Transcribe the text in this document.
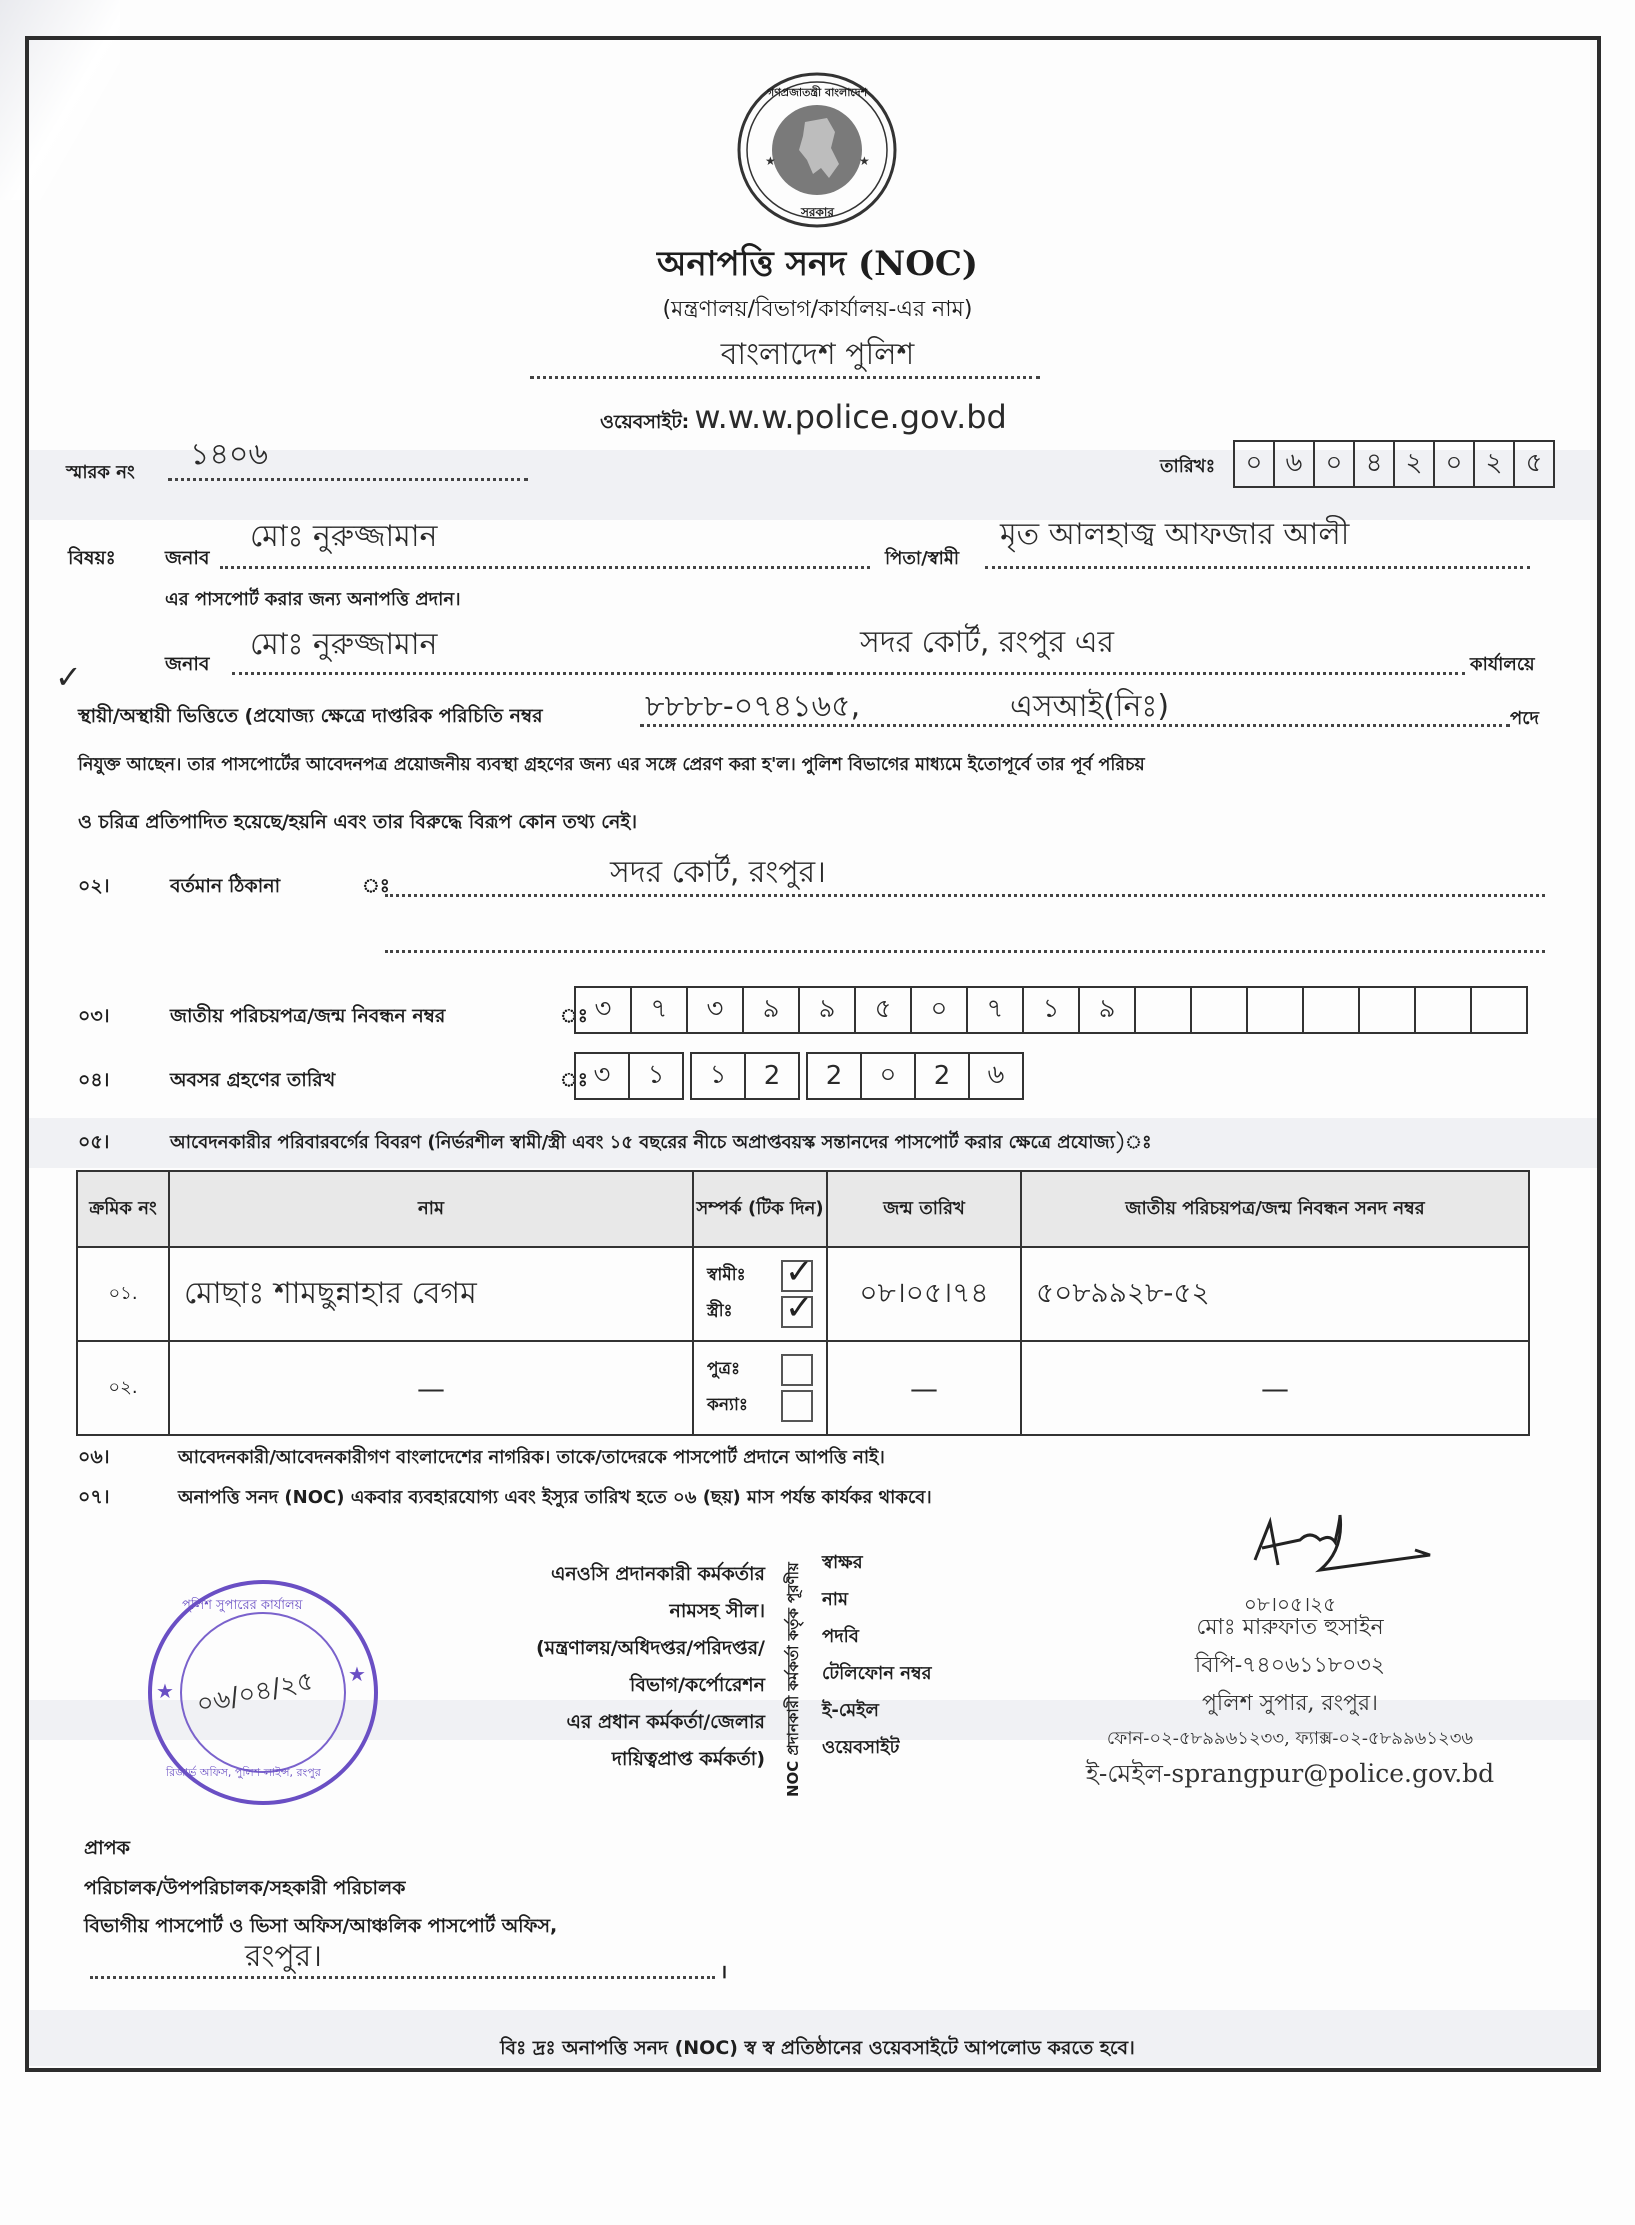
★	★
গণপ্রজাতন্ত্রী বাংলাদেশ
সরকার
অনাপত্তি সনদ (NOC)
(মন্ত্রণালয়/বিভাগ/কার্যালয়-এর নাম)
বাংলাদেশ পুলিশ
ওয়েবসাইট: w.w.w.police.gov.bd
স্মারক নং
১৪০৬	তারিখঃ	০ ৬ ০ ৪ ২ ০ ২ ৫
বিষয়ঃ	জনাব
মোঃ নুরুজ্জামান
পিতা/স্বামী
মৃত আলহাজ্ব আফজার আলী
এর পাসপোর্ট করার জন্য অনাপত্তি প্রদান।
জনাব
মোঃ নুরুজ্জামান	সদর কোর্ট, রংপুর এর
কার্যালয়ে
✓
স্থায়ী/অস্থায়ী ভিত্তিতে (প্রযোজ্য ক্ষেত্রে দাপ্তরিক পরিচিতি নম্বর	৮৮৮৮-০৭৪১৬৫,	এসআই(নিঃ)	পদে
নিযুক্ত আছেন। তার পাসপোর্টের আবেদনপত্র প্রয়োজনীয় ব্যবস্থা গ্রহণের জন্য এর সঙ্গে প্রেরণ করা হ'ল। পুলিশ বিভাগের মাধ্যমে ইতোপূর্বে তার পূর্ব পরিচয়
ও চরিত্র প্রতিপাদিত হয়েছে/হয়নি এবং তার বিরুদ্ধে বিরূপ কোন তথ্য নেই।
০২।	বর্তমান ঠিকানা	ঃ	সদর কোর্ট, রংপুর।
০৩।	জাতীয় পরিচয়পত্র/জন্ম নিবন্ধন নম্বর	ঃ ৩	৭	৩	৯	৯	৫	০	৭	১	৯
০৪।	অবসর গ্রহণের তারিখ	ঃ ৩	১	১	2	2	০	2	৬
০৫।	আবেদনকারীর পরিবারবর্গের বিবরণ (নির্ভরশীল স্বামী/স্ত্রী এবং ১৫ বছরের নীচে অপ্রাপ্তবয়স্ক সন্তানদের পাসপোর্ট করার ক্ষেত্রে প্রযোজ্য)ঃ
ক্রমিক নং	নাম	সম্পর্ক (টিক দিন)	জন্ম তারিখ	জাতীয় পরিচয়পত্র/জন্ম নিবন্ধন সনদ নম্বর
০১.	মোছাঃ শামছুন্নাহার বেগম	স্বামীঃ
✓
স্ত্রীঃ
✓	০৮।০৫।৭৪	৫০৮৯৯২৮-৫২
০২.	—	পুত্রঃ
কন্যাঃ	—	—
০৬।	আবেদনকারী/আবেদনকারীগণ বাংলাদেশের নাগরিক। তাকে/তাদেরকে পাসপোর্ট প্রদানে আপত্তি নাই।
০৭।	অনাপত্তি সনদ (NOC) একবার ব্যবহারযোগ্য এবং ইস্যুর তারিখ হতে ০৬ (ছয়) মাস পর্যন্ত কার্যকর থাকবে।
এনওসি প্রদানকারী কর্মকর্তার
নামসহ সীল।
(মন্ত্রণালয়/অধিদপ্তর/পরিদপ্তর/
বিভাগ/কর্পোরেশন
এর প্রধান কর্মকর্তা/জেলার
দায়িত্বপ্রাপ্ত কর্মকর্তা) NOC প্রদানকারী কর্মকর্তা কর্তৃক পূরণীয়
স্বাক্ষর
নাম
পদবি
টেলিফোন নম্বর
ই-মেইল
ওয়েবসাইট
০৮।০৫।২৫
মোঃ মারুফাত হুসাইন
বিপি-৭৪০৬১১৮০৩২
পুলিশ সুপার, রংপুর।
ফোন-০২-৫৮৯৯৬১২৩৩, ফ্যাক্স-০২-৫৮৯৯৬১২৩৬
ই-মেইল-sprangpur@police.gov.bd
পুলিশ সুপারের কার্যালয়
০৬/০৪/২৫
রিজার্ভ অফিস, পুলিশ লাইন্স, রংপুর
★
★
প্রাপক
পরিচালক/উপপরিচালক/সহকারী পরিচালক
বিভাগীয় পাসপোর্ট ও ভিসা অফিস/আঞ্চলিক পাসপোর্ট অফিস,
রংপুর।	।
বিঃ দ্রঃ অনাপত্তি সনদ (NOC) স্ব স্ব প্রতিষ্ঠানের ওয়েবসাইটে আপলোড করতে হবে।
